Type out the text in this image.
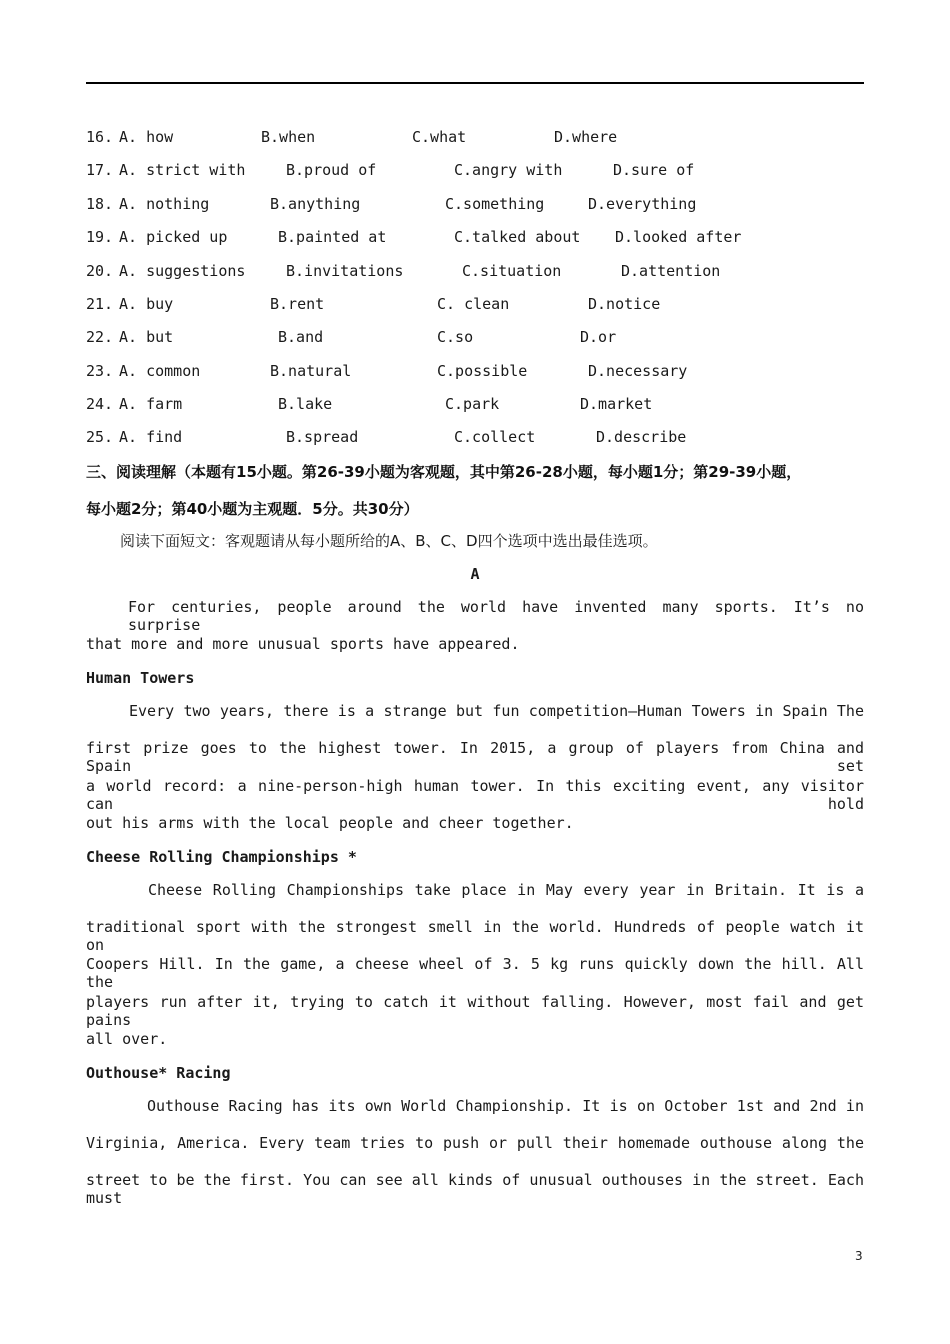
16. A. how	B.when	C.what	D.where
17. A. strict with	B.proud of	C.angry with	D.sure of
18. A. nothing	B.anything	C.something	D.everything
19. A. picked up	B.painted at	C.talked about D.looked after
20. A. suggestions	B.invitations	C.situation	D.attention
21. A. buy	B.rent	C. clean	D.notice
22. A. but	B.and	C.so	D.or
23. A. common	B.natural	C.possible	D.necessary
24. A. farm	B.lake	C.park	D.market
25. A. find	B.spread	C.collect	D.describe
三、阅读理解（本题有15小题。第26-39小题为客观题，其中第26-28小题，每小题1分；第29-39小题，
每小题2分；第40小题为主观题．5分。共30分）
阅读下面短文：客观题请从每小题所给的A、B、C、D四个选项中选出最佳选项。
A
For centuries, people around the world have invented many sports. It’s no surprise
that more and more unusual sports have appeared.
Human Towers
Every two years, there is a strange but fun competition—Human Towers in Spain The
first prize goes to the highest tower. In 2015, a group of players from China and Spain set
a world record: a nine-person-high human tower. In this exciting event, any visitor can hold
out his arms with the local people and cheer together.
Cheese Rolling Championships *
Cheese Rolling Championships take place in May every year in Britain. It is a
traditional sport with the strongest smell in the world. Hundreds of people watch it on
Coopers Hill. In the game, a cheese wheel of 3. 5 kg runs quickly down the hill. All the
players run after it, trying to catch it without falling. However, most fail and get pains
all over.
Outhouse* Racing
Outhouse Racing has its own World Championship. It is on October 1st and 2nd in
Virginia, America. Every team tries to push or pull their homemade outhouse along the
street to be the first. You can see all kinds of unusual outhouses in the street. Each must
3
